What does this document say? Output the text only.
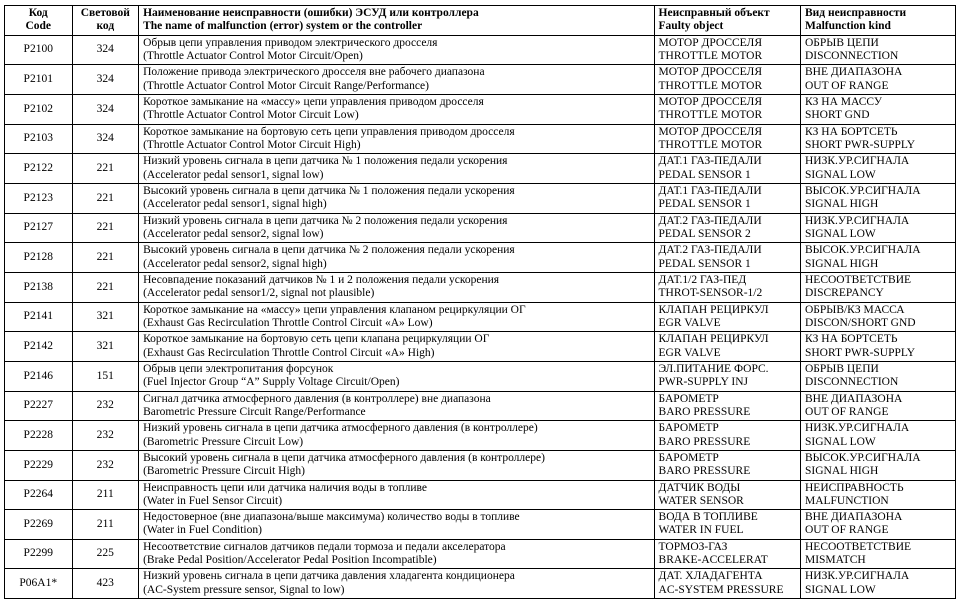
Код
Code

Световой
код

Наименование неисправности (ошибки) ЭСУД или контроллера
The name of malfunction (error) system or the controller

Неисправный объект
Faulty object

Вид неисправности
Malfunction kind

P2100	324	
Обрыв цепи управления приводом электрического дросселя
(Throttle Actuator Control Motor Circuit/Open)

МОТОР ДРОССЕЛЯ
THROTTLE MOTOR

ОБРЫВ ЦЕПИ
DISCONNECTION

P2101	324	
Положение привода электрического дросселя вне рабочего диапазона
(Throttle Actuator Control Motor Circuit Range/Performance)

МОТОР ДРОССЕЛЯ
THROTTLE MOTOR

ВНЕ ДИАПАЗОНА
OUT OF RANGE

P2102	324	
Короткое замыкание на «массу» цепи управления приводом дросселя
(Throttle Actuator Control Motor Circuit Low)

МОТОР ДРОССЕЛЯ
THROTTLE MOTOR

КЗ НА МАССУ
SHORT GND

P2103	324	
Короткое замыкание на бортовую сеть цепи управления приводом дросселя
(Throttle Actuator Control Motor Circuit High)

МОТОР ДРОССЕЛЯ
THROTTLE MOTOR

КЗ НА БОРТСЕТЬ
SHORT PWR-SUPPLY

P2122	221	
Низкий уровень сигнала в цепи датчика № 1 положения педали ускорения
(Accelerator pedal sensor1, signal low)

ДАТ.1 ГАЗ-ПЕДАЛИ
PEDAL SENSOR 1

НИЗК.УР.СИГНАЛА
SIGNAL LOW

P2123	221	
Высокий уровень сигнала в цепи датчика № 1 положения педали ускорения
(Accelerator pedal sensor1, signal high)

ДАТ.1 ГАЗ-ПЕДАЛИ
PEDAL SENSOR 1

ВЫСОК.УР.СИГНАЛА
SIGNAL HIGH

P2127	221	
Низкий уровень сигнала в цепи датчика № 2 положения педали ускорения
(Accelerator pedal sensor2, signal low)

ДАТ.2 ГАЗ-ПЕДАЛИ
PEDAL SENSOR 2

НИЗК.УР.СИГНАЛА
SIGNAL LOW

P2128	221	
Высокий уровень сигнала в цепи датчика № 2 положения педали ускорения
(Accelerator pedal sensor2, signal high)

ДАТ.2 ГАЗ-ПЕДАЛИ
PEDAL SENSOR 1

ВЫСОК.УР.СИГНАЛА
SIGNAL HIGH

P2138	221	
Несовпадение показаний датчиков № 1 и 2 положения педали ускорения
(Accelerator pedal sensor1/2, signal not plausible)

ДАТ.1/2 ГАЗ-ПЕД
THROT-SENSOR-1/2

НЕСООТВЕТСТВИЕ
DISCREPANCY

P2141	321	
Короткое замыкание на «массу» цепи управления клапаном рециркуляции ОГ
(Exhaust Gas Recirculation Throttle Control Circuit «A» Low)

КЛАПАН РЕЦИРКУЛ
EGR VALVE

ОБРЫВ/КЗ МАССА
DISCON/SHORT GND

P2142	321	
Короткое замыкание на бортовую сеть цепи клапана рециркуляции ОГ
(Exhaust Gas Recirculation Throttle Control Circuit «A» High)

КЛАПАН РЕЦИРКУЛ
EGR VALVE

КЗ НА БОРТСЕТЬ
SHORT PWR-SUPPLY

P2146	151	
Обрыв цепи электропитания форсунок
(Fuel Injector Group “A” Supply Voltage Circuit/Open)

ЭЛ.ПИТАНИЕ ФОРС.
PWR-SUPPLY INJ

ОБРЫВ ЦЕПИ
DISCONNECTION

P2227	232	
Сигнал датчика атмосферного давления (в контроллере) вне диапазона
Barometric Pressure Circuit Range/Performance

БАРОМЕТР
BARO PRESSURE

ВНЕ ДИАПАЗОНА
OUT OF RANGE

P2228	232	
Низкий уровень сигнала в цепи датчика атмосферного давления (в контроллере)
(Barometric Pressure Circuit Low)

БАРОМЕТР
BARO PRESSURE

НИЗК.УР.СИГНАЛА
SIGNAL LOW

P2229	232	
Высокий уровень сигнала в цепи датчика атмосферного давления (в контроллере)
(Barometric Pressure Circuit High)

БАРОМЕТР
BARO PRESSURE

ВЫСОК.УР.СИГНАЛА
SIGNAL HIGH

P2264	211	
Неисправность цепи или датчика наличия воды в топливе
(Water in Fuel Sensor Circuit)

ДАТЧИК ВОДЫ
WATER SENSOR

НЕИСПРАВНОСТЬ
MALFUNCTION

P2269	211	
Недостоверное (вне диапазона/выше максимума) количество воды в топливе
(Water in Fuel Condition)

ВОДА В ТОПЛИВЕ
WATER IN FUEL

ВНЕ ДИАПАЗОНА
OUT OF RANGE

P2299	225	
Несоответствие сигналов датчиков педали тормоза и педали акселератора
(Brake Pedal Position/Accelerator Pedal Position Incompatible)

ТОРМОЗ-ГАЗ
BRAKE-ACCELERAT

НЕСООТВЕТСТВИЕ
MISMATCH

P06A1*	423	
Низкий уровень сигнала в цепи датчика давления хладагента кондиционера
(AC-System pressure sensor, Signal to low)

ДАТ. ХЛАДАГЕНТА
AC-SYSTEM PRESSURE

НИЗК.УР.СИГНАЛА
SIGNAL LOW
